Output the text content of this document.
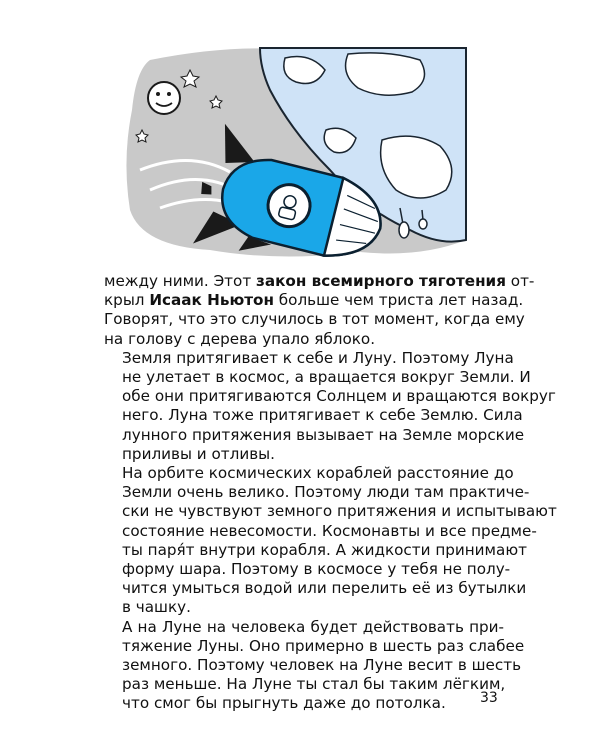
между ними. Этот закон всемирного тяготения от-
крыл Исаак Ньютон больше чем триста лет назад.
Говорят, что это случилось в тот момент, когда ему
на голову с дерева упало яблоко.

Земля притягивает к себе и Луну. Поэтому Луна
не улетает в космос, а вращается вокруг Земли. И
обе они притягиваются Солнцем и вращаются вокруг
него. Луна тоже притягивает к себе Землю. Сила
лунного притяжения вызывает на Земле морские
приливы и отливы.

На орбите космических кораблей расстояние до
Земли очень велико. Поэтому люди там практиче-
ски не чувствуют земного притяжения и испытывают
состояние невесомости. Космонавты и все предме-
ты паря́т внутри корабля. А жидкости принимают
форму шара. Поэтому в космосе у тебя не полу-
чится умыться водой или перелить её из бутылки
в чашку.

А на Луне на человека будет действовать при-
тяжение Луны. Оно примерно в шесть раз слабее
земного. Поэтому человек на Луне весит в шесть
раз меньше. На Луне ты стал бы таким лёгким,
что смог бы прыгнуть даже до потолка.	33
